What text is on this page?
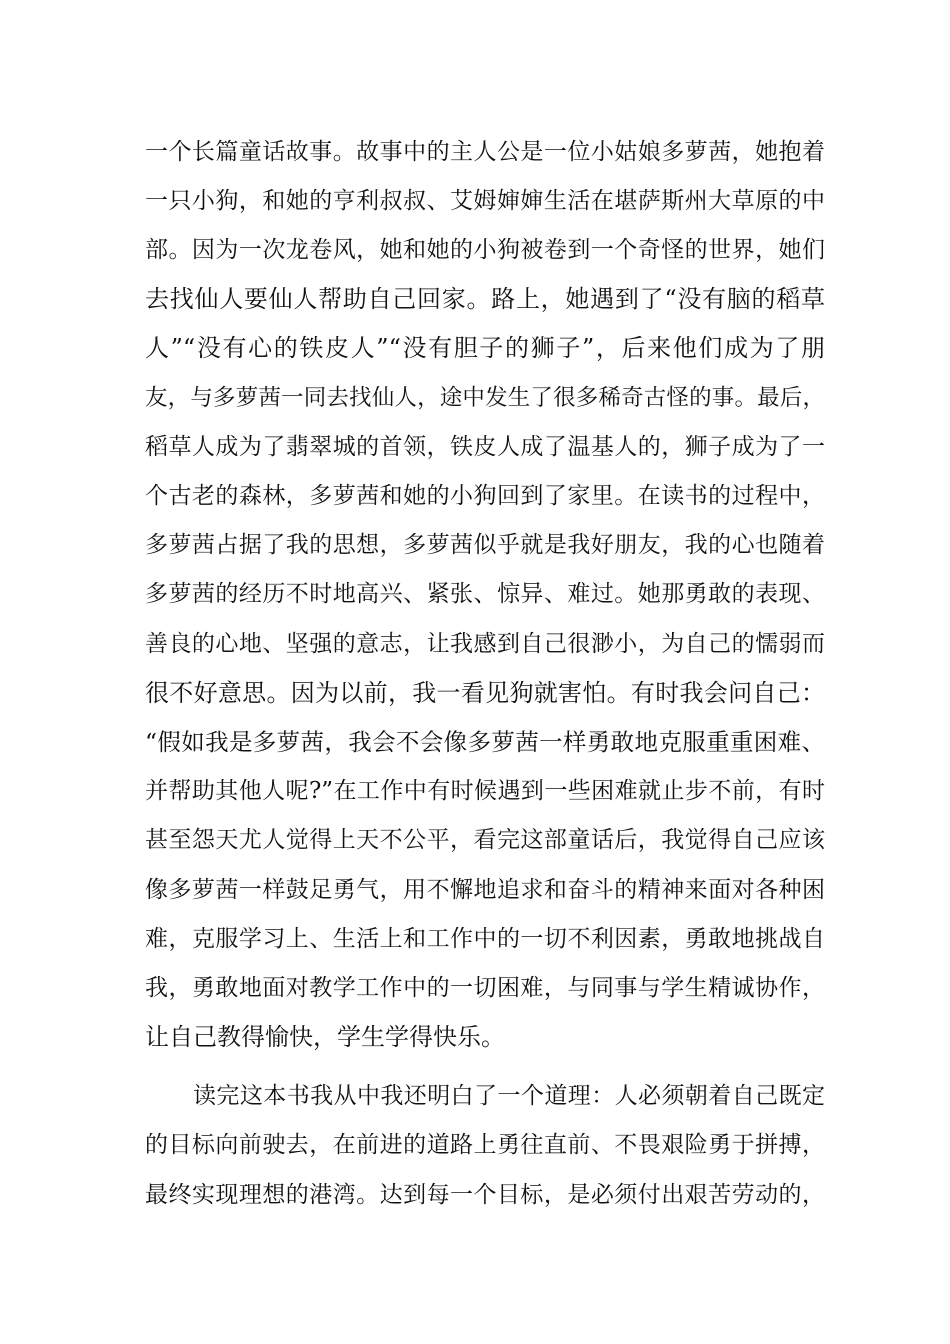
一个长篇童话故事。故事中的主人公是一位小姑娘多萝茜，她抱着
一只小狗，和她的亨利叔叔、艾姆婶婶生活在堪萨斯州大草原的中
部。因为一次龙卷风，她和她的小狗被卷到一个奇怪的世界，她们
去找仙人要仙人帮助自己回家。路上，她遇到了“没有脑的稻草
人”“没有心的铁皮人”“没有胆子的狮子”，后来他们成为了朋
友，与多萝茜一同去找仙人，途中发生了很多稀奇古怪的事。最后，
稻草人成为了翡翠城的首领，铁皮人成了温基人的，狮子成为了一
个古老的森林，多萝茜和她的小狗回到了家里。在读书的过程中，
多萝茜占据了我的思想，多萝茜似乎就是我好朋友，我的心也随着
多萝茜的经历不时地高兴、紧张、惊异、难过。她那勇敢的表现、
善良的心地、坚强的意志，让我感到自己很渺小，为自己的懦弱而
很不好意思。因为以前，我一看见狗就害怕。有时我会问自己：
“假如我是多萝茜，我会不会像多萝茜一样勇敢地克服重重困难、
并帮助其他人呢?”在工作中有时候遇到一些困难就止步不前，有时
甚至怨天尤人觉得上天不公平，看完这部童话后，我觉得自己应该
像多萝茜一样鼓足勇气，用不懈地追求和奋斗的精神来面对各种困
难，克服学习上、生活上和工作中的一切不利因素，勇敢地挑战自
我，勇敢地面对教学工作中的一切困难，与同事与学生精诚协作，
让自己教得愉快，学生学得快乐。
读完这本书我从中我还明白了一个道理：人必须朝着自己既定
的目标向前驶去，在前进的道路上勇往直前、不畏艰险勇于拼搏，
最终实现理想的港湾。达到每一个目标，是必须付出艰苦劳动的，
